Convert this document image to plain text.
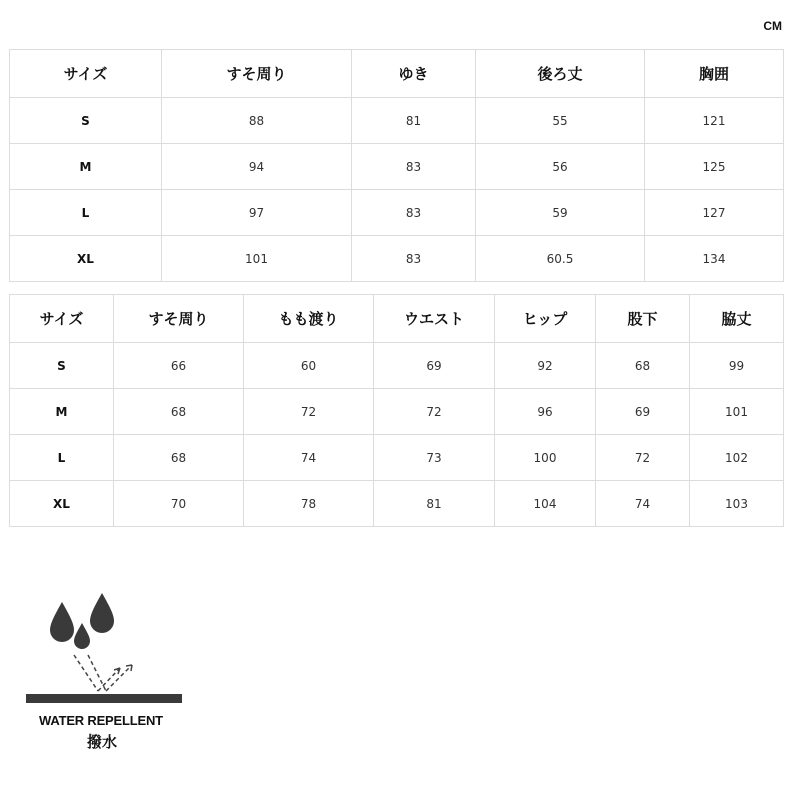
CM
サイズ	すそ周り	ゆき	後ろ丈	胸囲
S	88	81	55	121
M	94	83	56	125
L	97	83	59	127
XL	101	83	60.5	134
サイズ	すそ周り	もも渡り	ウエスト	ヒップ	股下	脇丈
S	66	60	69	92	68	99
M	68	72	72	96	69	101
L	68	74	73	100	72	102
XL	70	78	81	104	74	103
WATER REPELLENT
撥水
